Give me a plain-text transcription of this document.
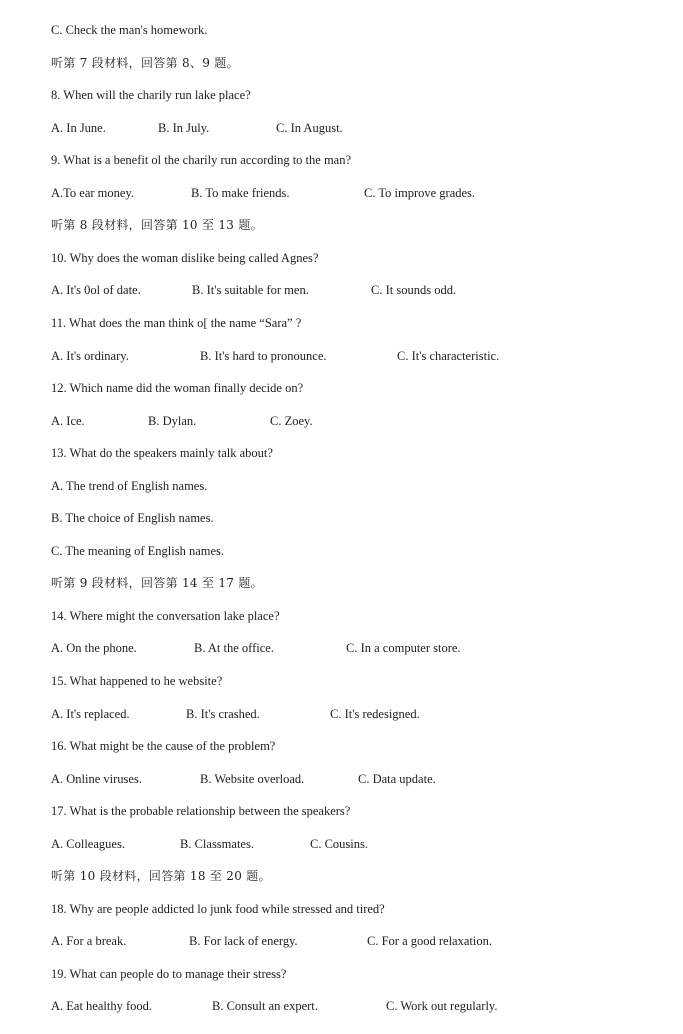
C. Check the man's homework.
听第 7 段材料，回答第 8、9 题。
8. When will the charily run lake place?
A. In June.	B. In July.	C. In August.
9. What is a benefit ol the charily run according to the man?
A.To ear money.	B. To make friends.	C. To improve grades.
听第 8 段材料，回答第 10 至 13 题。
10. Why does the woman dislike being called Agnes?
A. It's 0ol of date.	B. It's suitable for men.	C. It sounds odd.
11. What does the man think o[ the name “Sara” ?
A. It's ordinary.	B. It's hard to pronounce.	C. It's characteristic.
12. Which name did the woman finally decide on?
A. Ice.	B. Dylan.	C. Zoey.
13. What do the speakers mainly talk about?
A. The trend of English names.
B. The choice of English names.
C. The meaning of English names.
听第 9 段材料，回答第 14 至 17 题。
14. Where might the conversation lake place?
A. On the phone.	B. At the office.	C. In a computer store.
15. What happened to he website?
A. It's replaced.	B. It's crashed.	C. It's redesigned.
16. What might be the cause of the problem?
A. Online viruses.	B. Website overload.	C. Data update.
17. What is the probable relationship between the speakers?
A. Colleagues.	B. Classmates.	C. Cousins.
听第 10 段材料，回答第 18 至 20 题。
18. Why are people addicted lo junk food while stressed and tired?
A. For a break.	B. For lack of energy.	C. For a good relaxation.
19. What can people do to manage their stress?
A. Eat healthy food.	B. Consult an expert.	C. Work out regularly.
